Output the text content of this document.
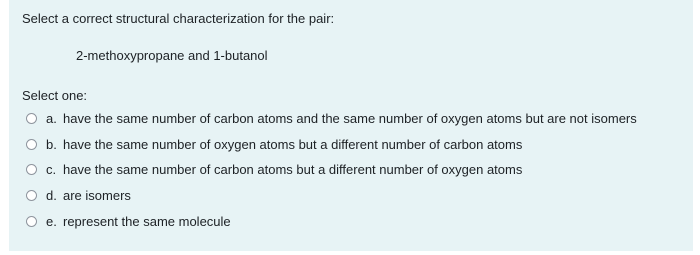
Select a correct structural characterization for the pair:
2-methoxypropane and 1-butanol
Select one:
a. have the same number of carbon atoms and the same number of oxygen atoms but are not isomers
b. have the same number of oxygen atoms but a different number of carbon atoms
c. have the same number of carbon atoms but a different number of oxygen atoms
d. are isomers
e. represent the same molecule
